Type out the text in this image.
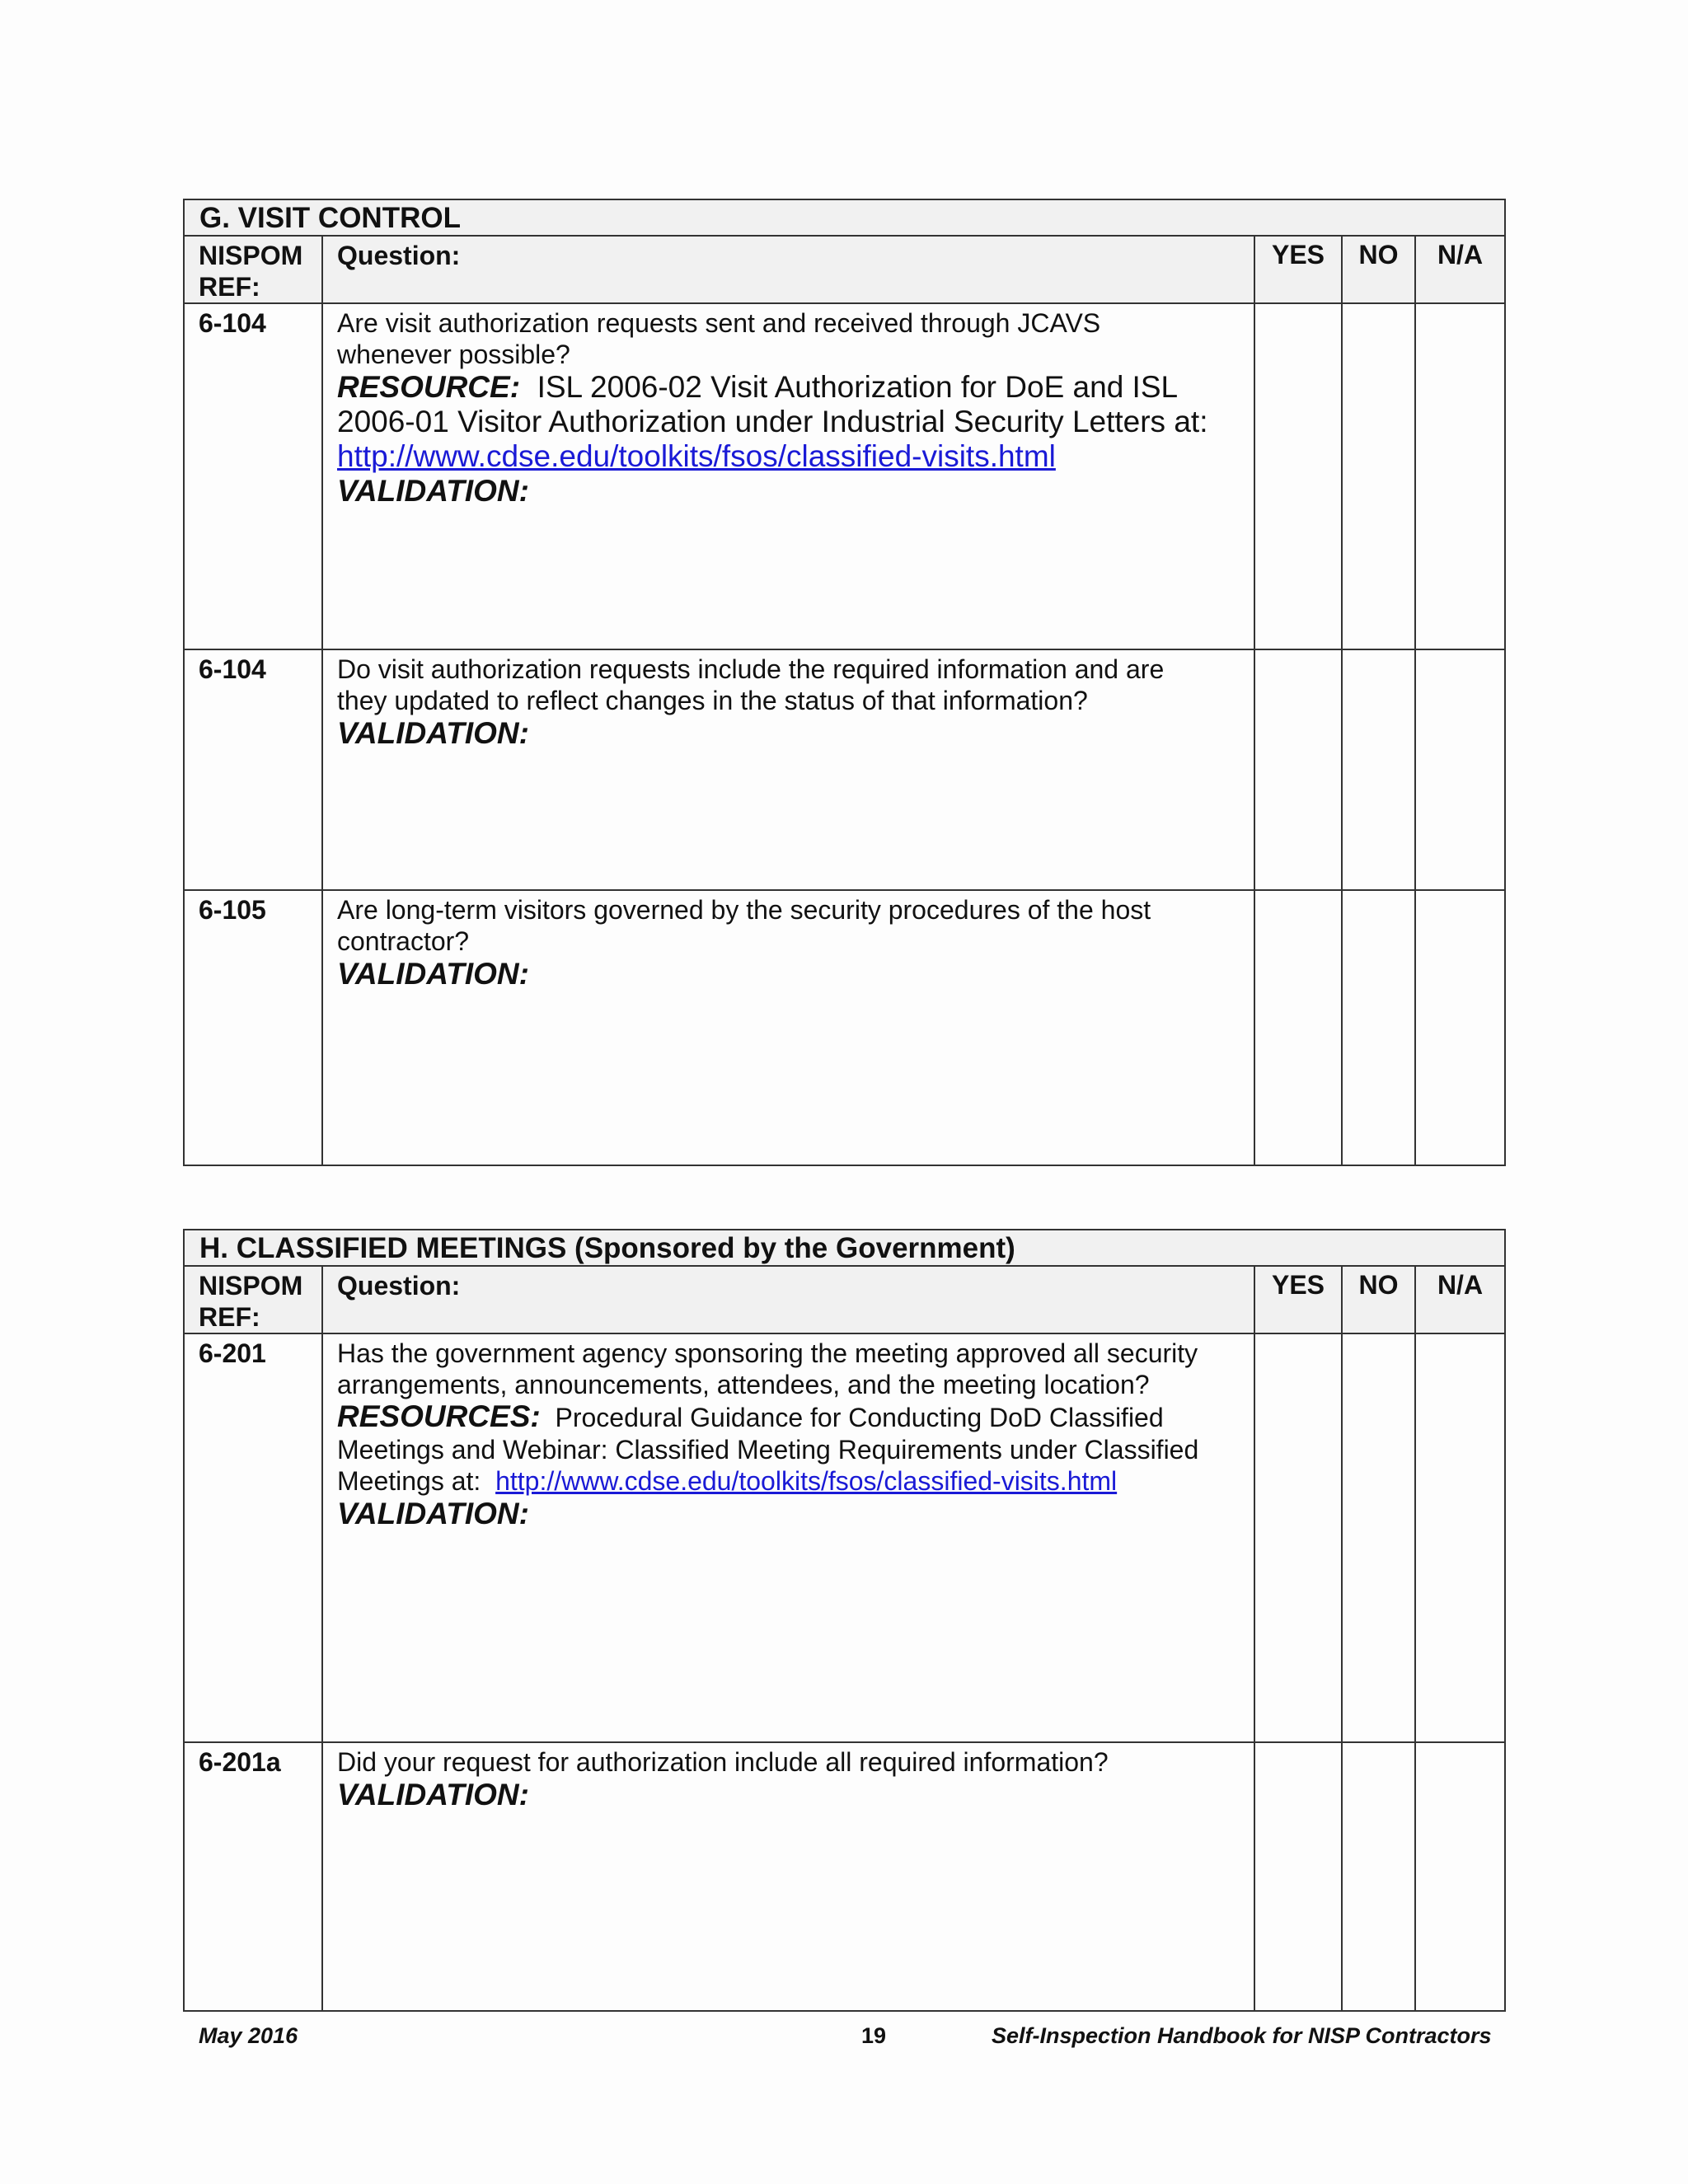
G. VISIT CONTROL
NISPOM
REF:
Question:	YES	NO	N/A
6-104	Are visit authorization requests sent and received through JCAVS
whenever possible?
RESOURCE: ISL 2006-02 Visit Authorization for DoE and ISL
2006-01 Visitor Authorization under Industrial Security Letters at:
http://www.cdse.edu/toolkits/fsos/classified-visits.html
VALIDATION:
6-104	Do visit authorization requests include the required information and are
they updated to reflect changes in the status of that information?
VALIDATION:
6-105	Are long-term visitors governed by the security procedures of the host
contractor?
VALIDATION:
H. CLASSIFIED MEETINGS (Sponsored by the Government)
NISPOM
REF:
Question:	YES	NO	N/A
6-201	Has the government agency sponsoring the meeting approved all security
arrangements, announcements, attendees, and the meeting location?
RESOURCES: Procedural Guidance for Conducting DoD Classified
Meetings and Webinar: Classified Meeting Requirements under Classified
Meetings at: http://www.cdse.edu/toolkits/fsos/classified-visits.html
VALIDATION:
6-201a	Did your request for authorization include all required information?
VALIDATION:
May 2016	19	Self-Inspection Handbook for NISP Contractors
